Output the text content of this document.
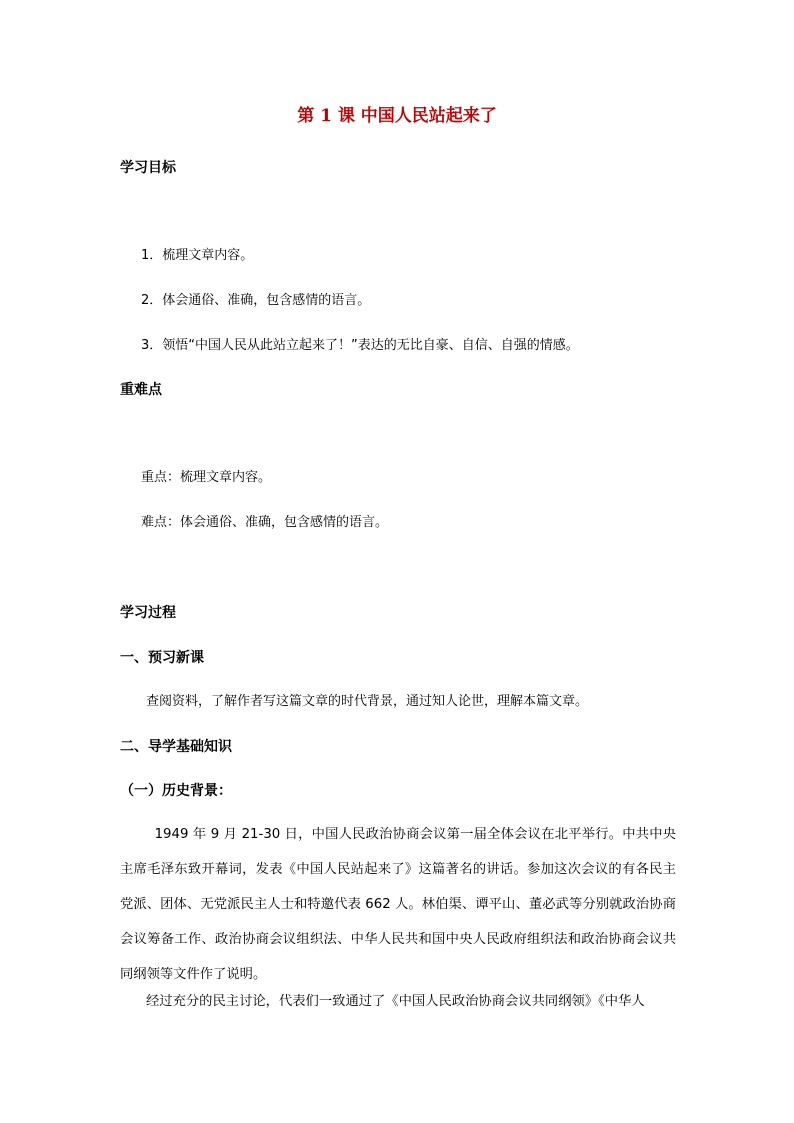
第 1 课 中国人民站起来了
学习目标
1．梳理文章内容。
2．体会通俗、准确，包含感情的语言。
3．领悟“中国人民从此站立起来了！”表达的无比自豪、自信、自强的情感。
重难点
重点：梳理文章内容。
难点：体会通俗、准确，包含感情的语言。
学习过程
一、预习新课
查阅资料，了解作者写这篇文章的时代背景，通过知人论世，理解本篇文章。
二、导学基础知识
（一）历史背景：
1949 年 9 月 21-30 日，中国人民政治协商会议第一届全体会议在北平举行。中共中央主席毛泽东致开幕词，发表《中国人民站起来了》这篇著名的讲话。参加这次会议的有各民主党派、团体、无党派民主人士和特邀代表 662 人。林伯渠、谭平山、董必武等分别就政治协商会议筹备工作、政治协商会议组织法、中华人民共和国中央人民政府组织法和政治协商会议共同纲领等文件作了说明。
经过充分的民主讨论，代表们一致通过了《中国人民政治协商会议共同纲领》《中华人
